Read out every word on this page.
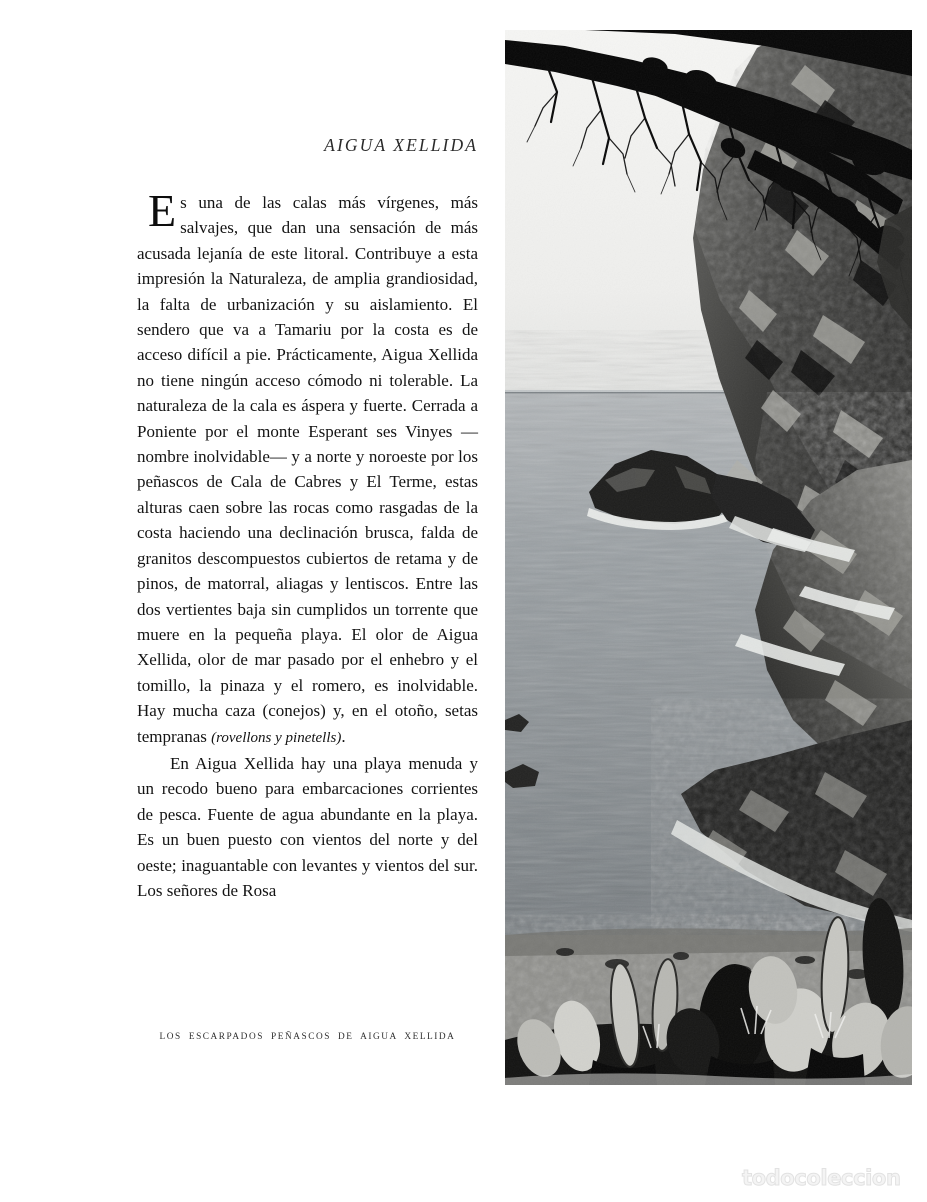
AIGUA XELLIDA

Es una de las calas más vírgenes, más salvajes, que dan una sensación de más acusada lejanía de este litoral. Contribuye a esta impresión la Naturaleza, de amplia grandiosidad, la falta de urbanización y su aislamiento. El sendero que va a Tamariu por la costa es de acceso difícil a pie. Prácticamente, Aigua Xellida no tiene ningún acceso cómodo ni tolerable. La naturaleza de la cala es áspera y fuerte. Cerrada a Poniente por el monte Esperant ses Vinyes —nombre inolvidable— y a norte y noroeste por los peñascos de Cala de Cabres y El Terme, estas alturas caen sobre las rocas como rasgadas de la costa haciendo una declinación brusca, falda de granitos descompuestos cubiertos de retama y de pinos, de matorral, aliagas y lentiscos. Entre las dos vertientes baja sin cumplidos un torrente que muere en la pequeña playa. El olor de Aigua Xellida, olor de mar pasado por el enhebro y el tomillo, la pinaza y el romero, es inolvidable. Hay mucha caza (conejos) y, en el otoño, setas tempranas (rovellons y pinetells).

En Aigua Xellida hay una playa menuda y un recodo bueno para embarcaciones corrientes de pesca. Fuente de agua abundante en la playa. Es un buen puesto con vientos del norte y del oeste; inaguantable con levantes y vientos del sur. Los señores de Rosa

LOS ESCARPADOS PEÑASCOS DE AIGUA XELLIDA
todocoleccion
